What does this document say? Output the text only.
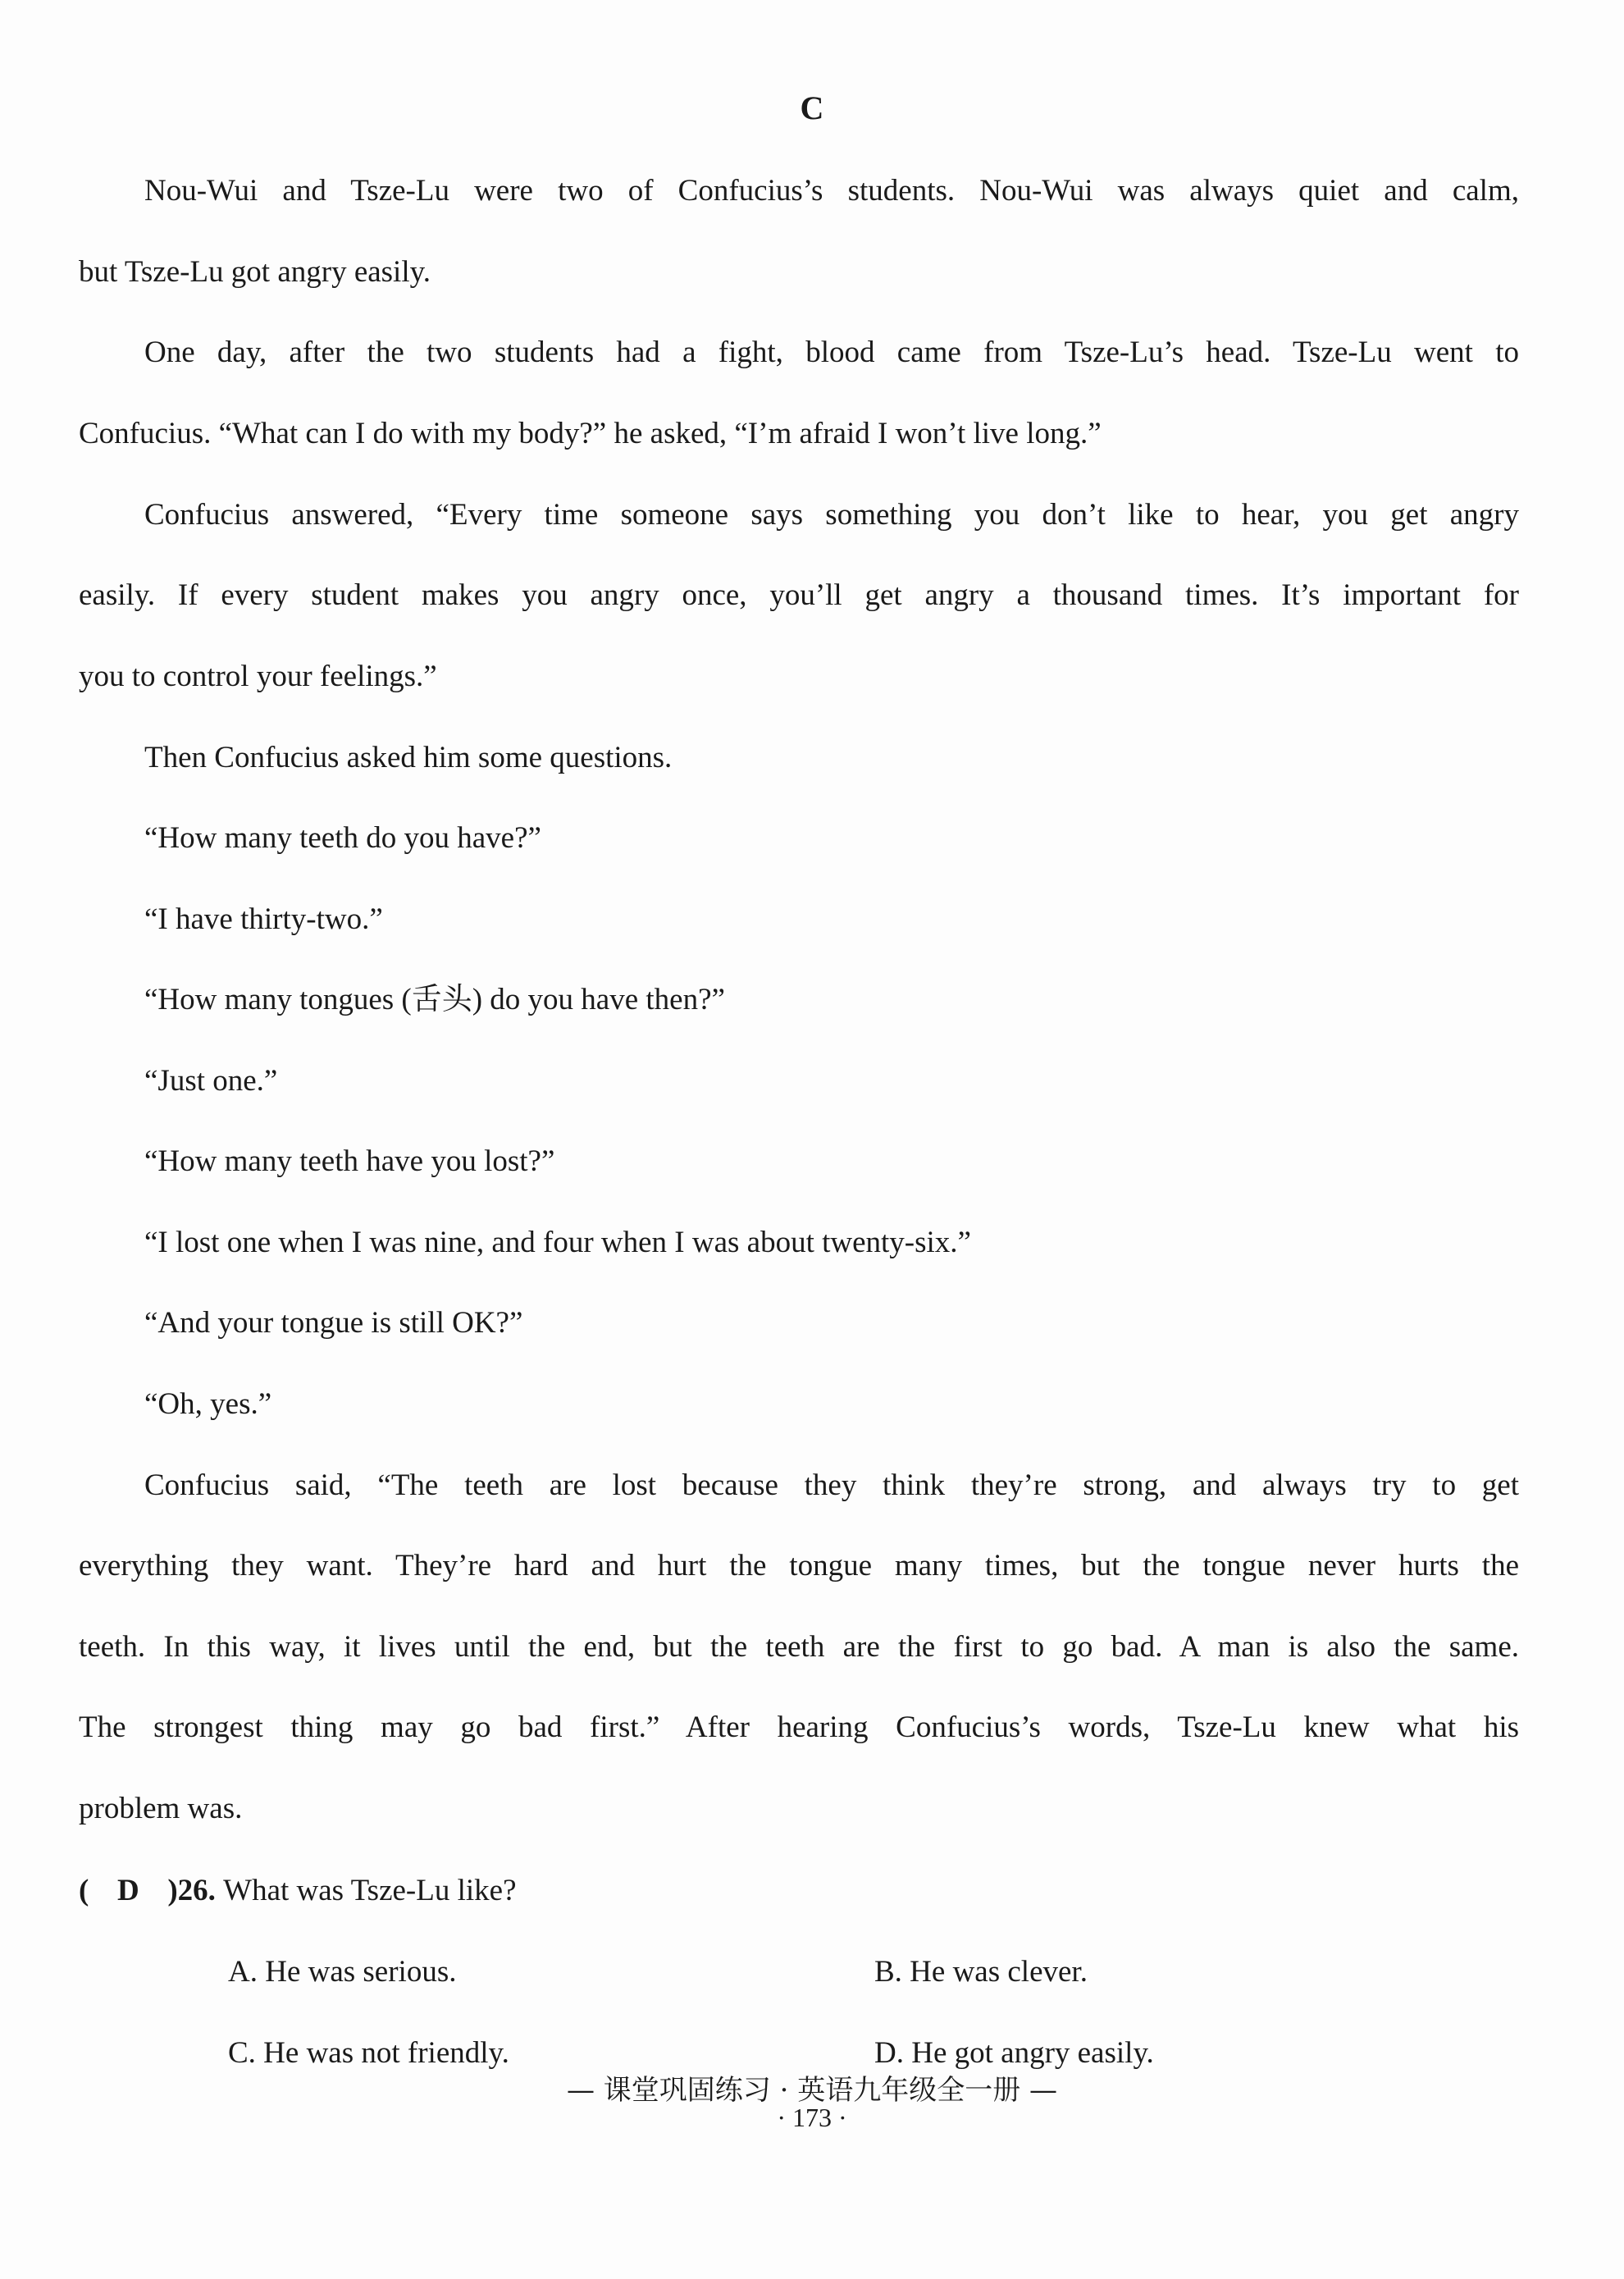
C
Nou-Wui and Tsze-Lu were two of Confucius’s students. Nou-Wui was always quiet and calm,
but Tsze-Lu got angry easily.
One day, after the two students had a fight, blood came from Tsze-Lu’s head. Tsze-Lu went to
Confucius. “What can I do with my body?” he asked, “I’m afraid I won’t live long.”
Confucius answered, “Every time someone says something you don’t like to hear, you get angry
easily. If every student makes you angry once, you’ll get angry a thousand times. It’s important for
you to control your feelings.”
Then Confucius asked him some questions.
“How many teeth do you have?”
“I have thirty-two.”
“How many tongues (舌头) do you have then?”
“Just one.”
“How many teeth have you lost?”
“I lost one when I was nine, and four when I was about twenty-six.”
“And your tongue is still OK?”
“Oh, yes.”
Confucius said, “The teeth are lost because they think they’re strong, and always try to get
everything they want. They’re hard and hurt the tongue many times, but the tongue never hurts the
teeth. In this way, it lives until the end, but the teeth are the first to go bad. A man is also the same.
The strongest thing may go bad first.” After hearing Confucius’s words, Tsze-Lu knew what his
problem was.
( D )26. What was Tsze-Lu like?
A. He was serious.	B. He was clever.
C. He was not friendly.	D. He got angry easily.
— 课堂巩固练习 · 英语九年级全一册 —
· 173 ·
